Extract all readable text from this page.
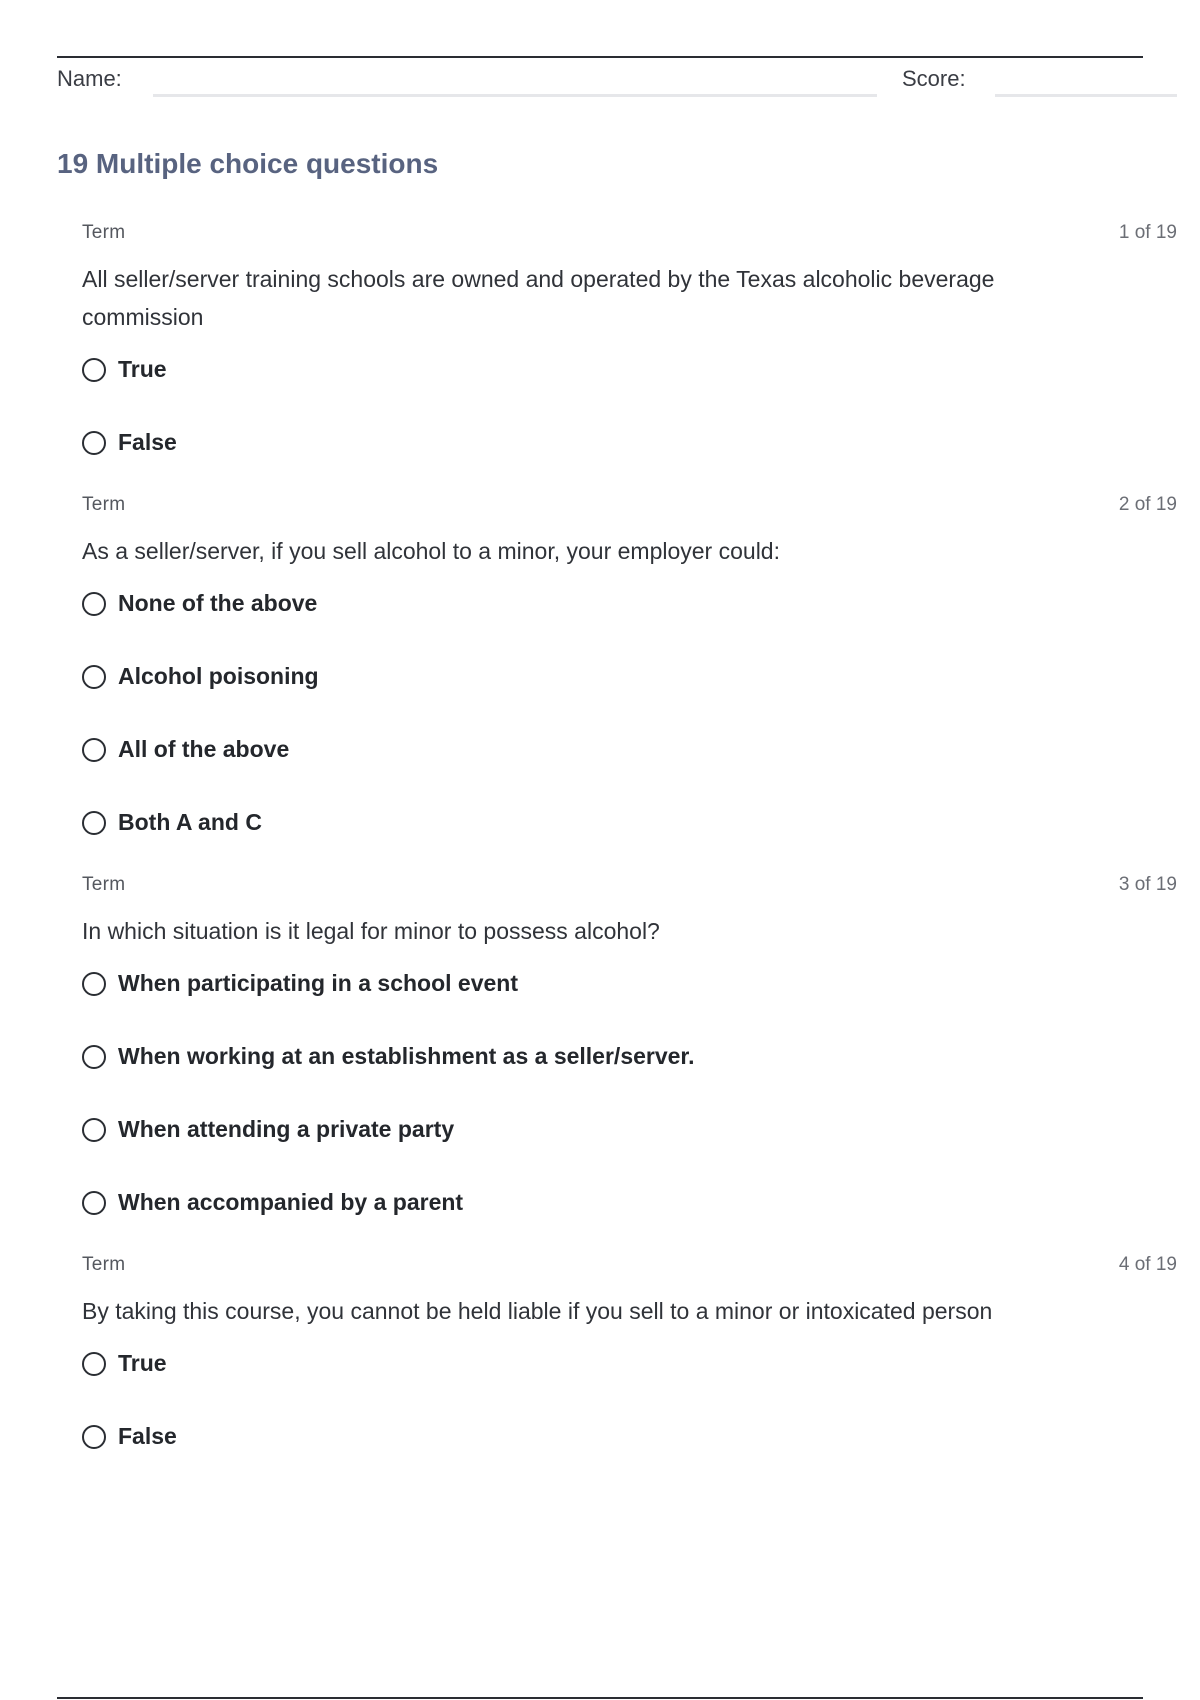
Name:	Score:
19 Multiple choice questions
Term	1 of 19

All seller/server training schools are owned and operated by the Texas alcoholic beverage commission

True
False
Term	2 of 19

As a seller/server, if you sell alcohol to a minor, your employer could:

None of the above
Alcohol poisoning
All of the above
Both A and C
Term	3 of 19

In which situation is it legal for minor to possess alcohol?

When participating in a school event
When working at an establishment as a seller/server.
When attending a private party
When accompanied by a parent
Term	4 of 19

By taking this course, you cannot be held liable if you sell to a minor or intoxicated person

True
False
